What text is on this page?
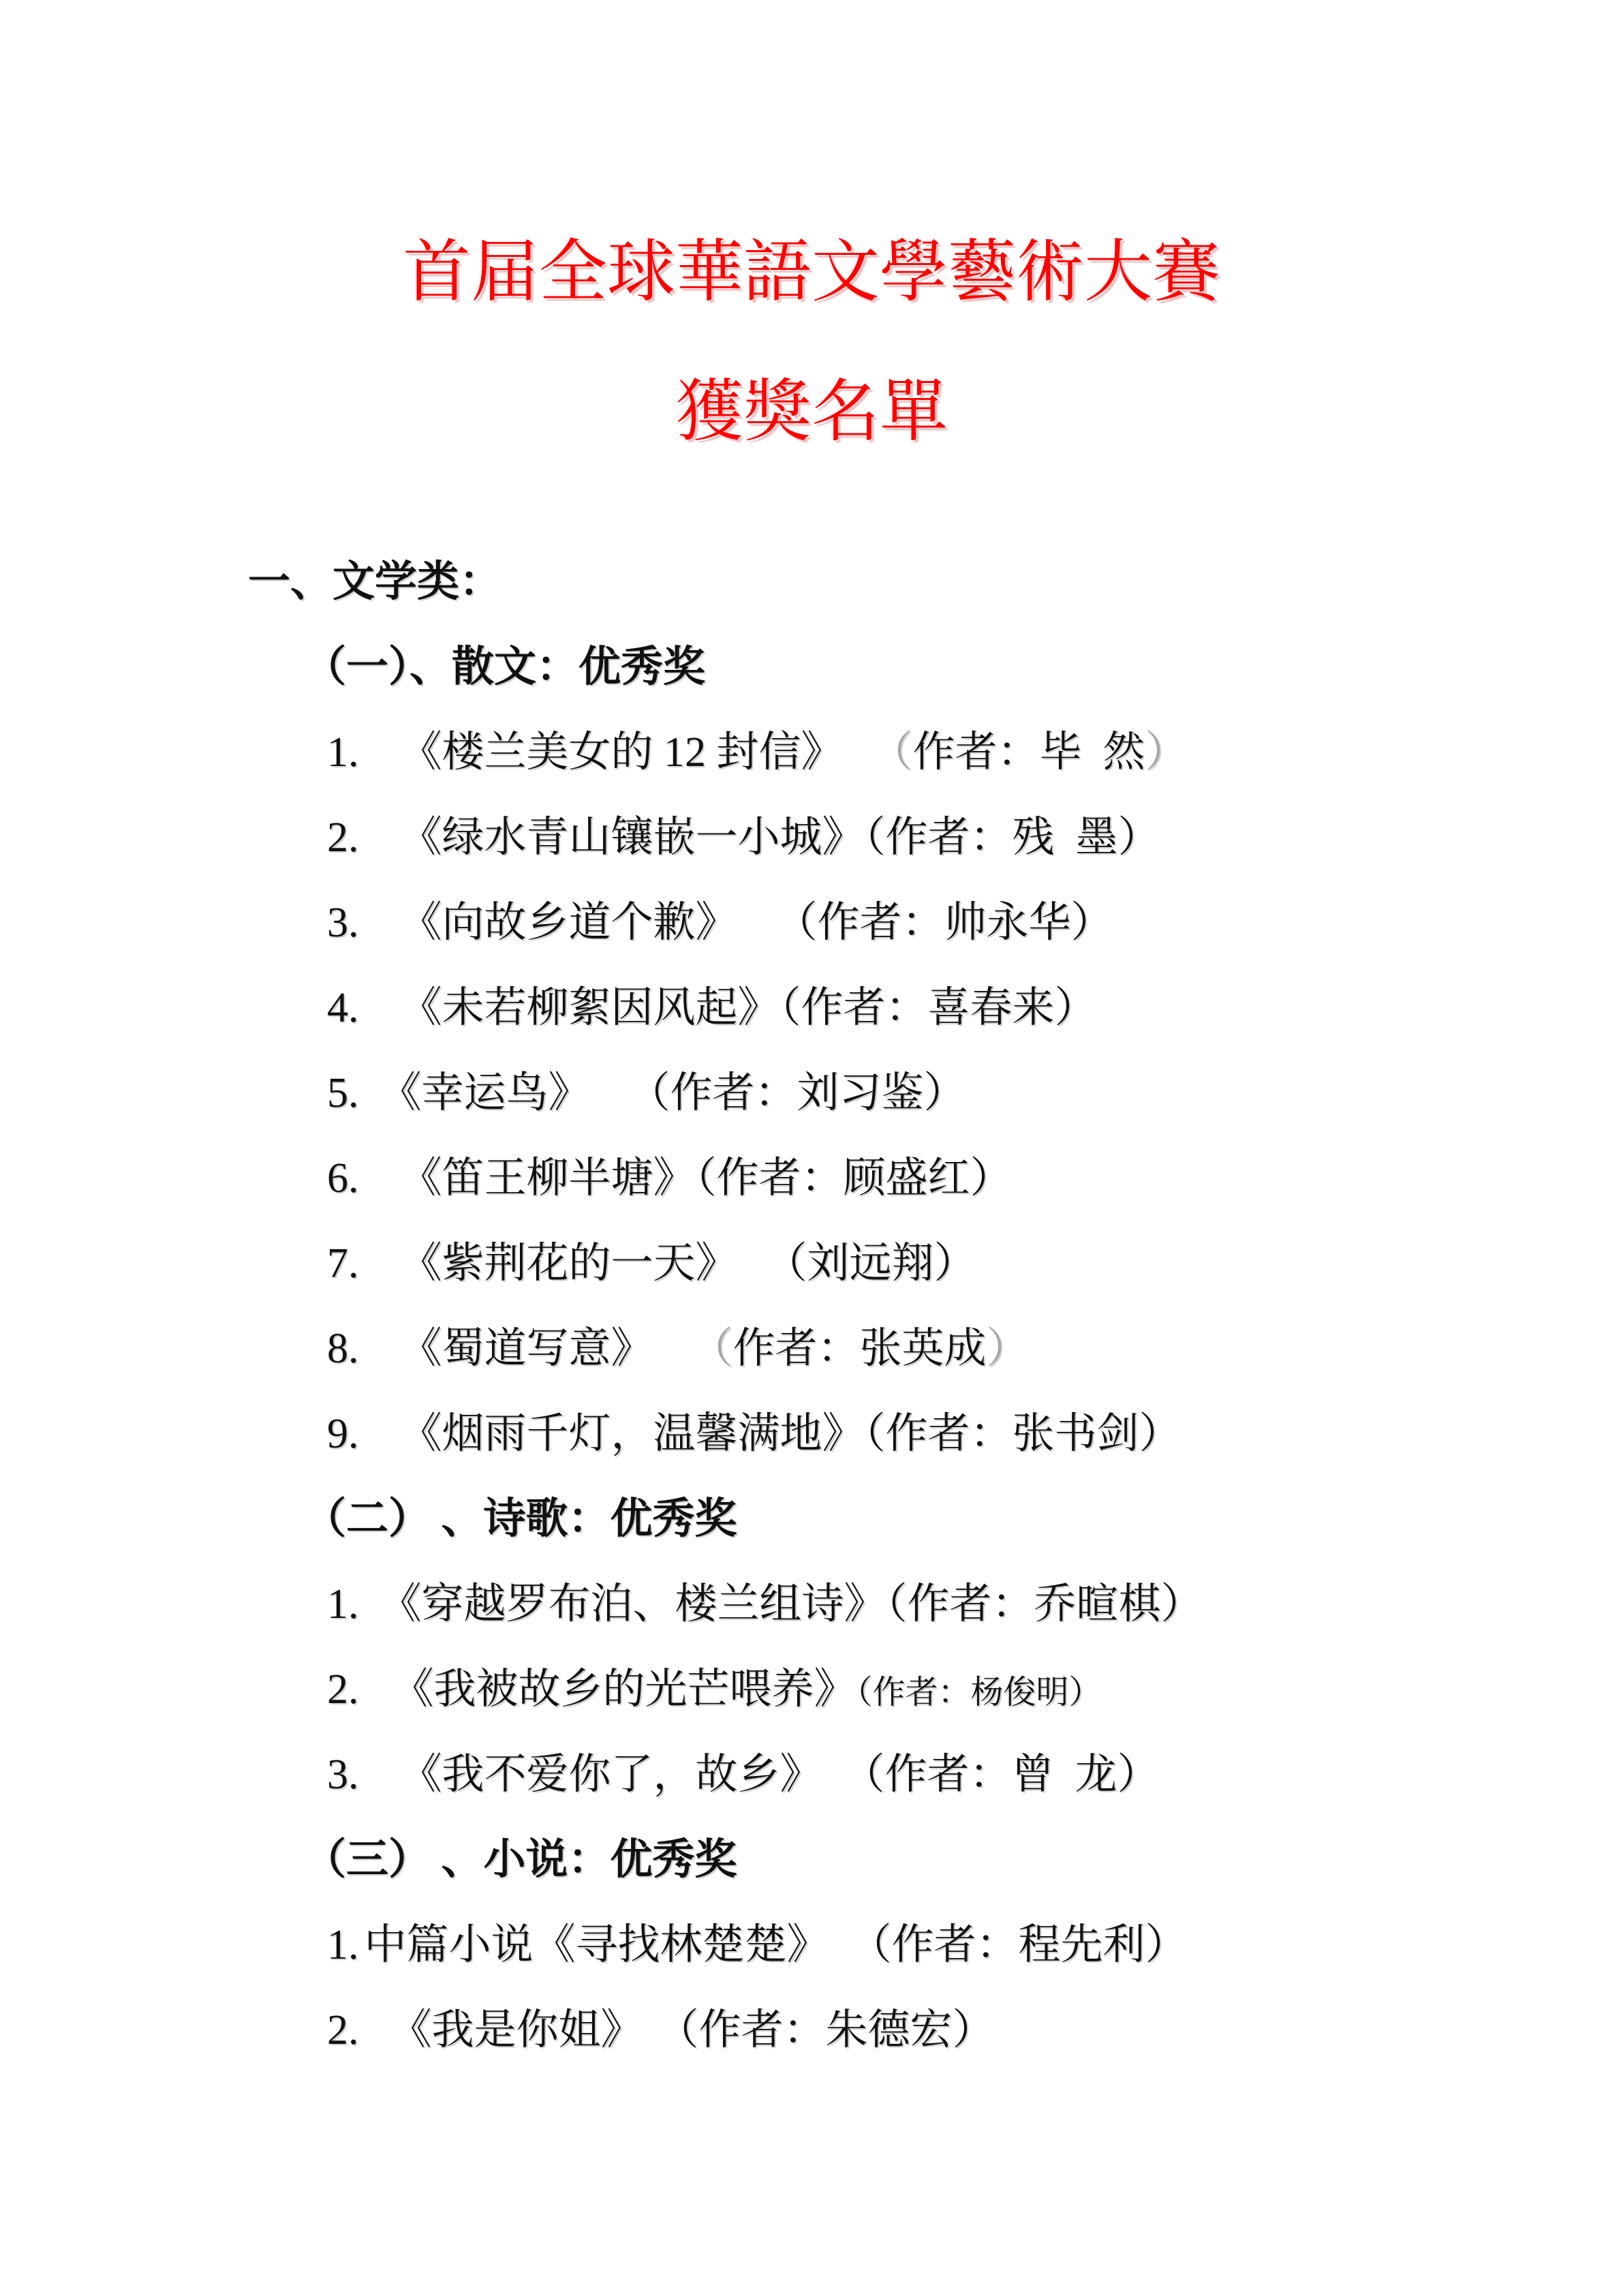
首届全球華語文學藝術大賽
獲獎名單
一、文学类：
（一）、散文：优秀奖
1. 《楼兰美女的 12 封信》 （作者：毕 然）
2. 《绿水青山镶嵌一小城》（作者：残 墨）
3. 《向故乡道个歉》 （作者：帅永华）
4. 《未若柳絮因风起》（作者：喜春来）
5. 《幸运鸟》 （作者：刘习鉴）
6. 《笛王柳半塘》（作者：顾盛红）
7. 《紫荆花的一天》 （刘远翔）
8. 《蜀道写意》 （作者：张英成）
9. 《烟雨千灯，温馨满地》（作者：张书剑）
（二） 、诗歌：优秀奖
1. 《穿越罗布泊、楼兰组诗》（作者：乔暄棋）
2. 《我被故乡的光芒喂养》（作者：杨俊明）
3. 《我不爱你了，故乡》 （作者：曾 龙）
（三） 、小说：优秀奖
1. 中篇小说《寻找林楚楚》 （作者：程先利）
2. 《我是你姐》 （作者：朱德宏）
